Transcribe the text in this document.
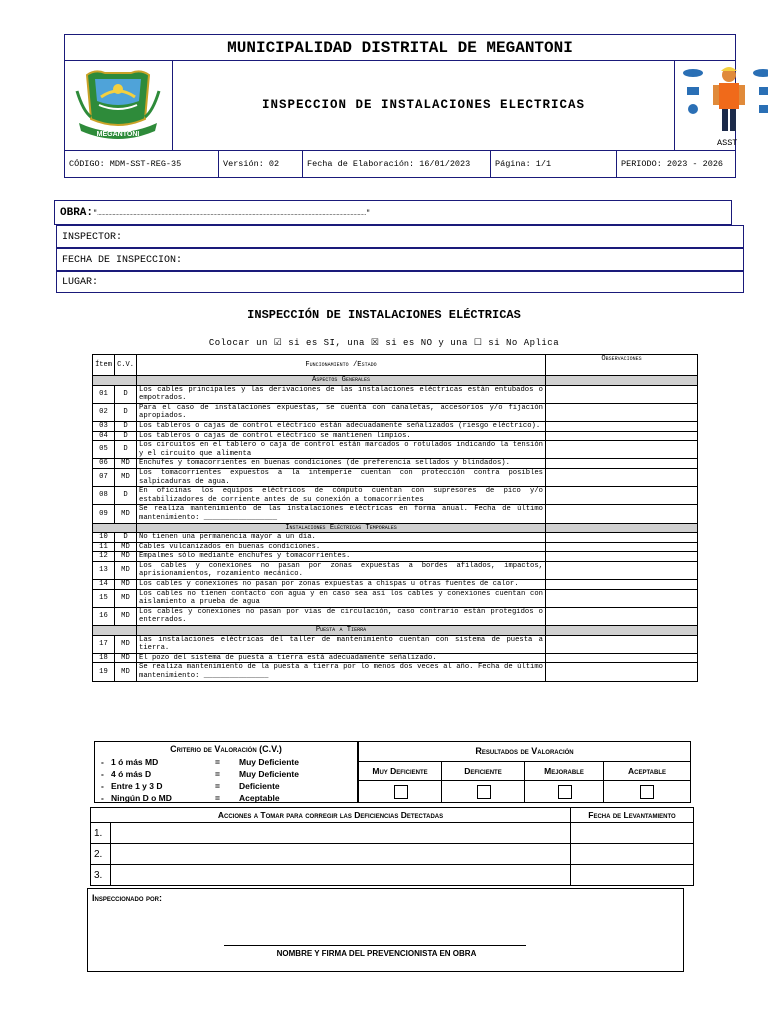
MUNICIPALIDAD DISTRITAL DE MEGANTONI
MEGANTONI
INSPECCION DE INSTALACIONES ELECTRICAS
ASST
CÓDIGO: MDM-SST-REG-35	Versión: 02	Fecha de Elaboración: 16/01/2023	Página: 1/1	PERIODO: 2023 - 2026
OBRA:"…………………………………………………………………………………………………………………………………………………………………………"
INSPECTOR:
FECHA DE INSPECCION:
LUGAR:
INSPECCIÓN DE INSTALACIONES ELÉCTRICAS
Colocar un ☑ si es SI, una ☒ si es NO y una ☐ si No Aplica
Ítem	C.V.	Funcionamiento /Estado	Observaciones
		Aspectos Generales	
01	D	Los cables principales y las derivaciones de las instalaciones eléctricas están entubados o empotrados.	
02	D	Para el caso de instalaciones expuestas, se cuenta con canaletas, accesorios y/o fijación apropiados.	
03	D	Los tableros o cajas de control eléctrico están adecuadamente señalizados (riesgo eléctrico).	
04	D	Los tableros o cajas de control eléctrico se mantienen limpios.	
05	D	Los circuitos en el tablero o caja de control están marcados o rotulados indicando la tensión y el circuito que alimenta	
06	MD	Enchufes y tomacorrientes en buenas condiciones (de preferencia sellados y blindados).	
07	MD	Los tomacorrientes expuestos a la intemperie cuentan con protección contra posibles salpicaduras de agua.	
08	D	En oficinas los equipos eléctricos de cómputo cuentan con supresores de pico y/o estabilizadores de corriente antes de su conexión a tomacorrientes	
09	MD	Se realiza mantenimiento de las instalaciones eléctricas en forma anual. Fecha de último mantenimiento: _________________	
		Instalaciones Eléctricas Temporales	
10	D	No tienen una permanencia mayor a un día.	
11	MD	Cables vulcanizados en buenas condiciones.	
12	MD	Empalmes sólo mediante enchufes y tomacorrientes.	
13	MD	Los cables y conexiones no pasan por zonas expuestas a bordes afilados, impactos, aprisionamientos, rozamiento mecánico.	
14	MD	Los cables y conexiones no pasan por zonas expuestas a chispas u otras fuentes de calor.	
15	MD	Los cables no tienen contacto con agua y en caso sea así los cables y conexiones cuentan con aislamiento a prueba de agua	
16	MD	Los cables y conexiones no pasan por vías de circulación, caso contrario están protegidos o enterrados.	
		Puesta a Tierra	
17	MD	Las instalaciones eléctricas del taller de mantenimiento cuentan con sistema de puesta a tierra.	
18	MD	El pozo del sistema de puesta a tierra está adecuadamente señalizado.	
19	MD	Se realiza mantenimiento de la puesta a tierra por lo menos dos veces al año. Fecha de último mantenimiento: _______________	
Criterio de Valoración (C.V.)
- 1 ó más MD	= Muy Deficiente
- 4 ó más D	= Muy Deficiente
- Entre 1 y 3 D	= Deficiente
- Ningún D o MD	= Aceptable
Resultados de Valoración
Muy Deficiente	Deficiente	Mejorable	Aceptable
Acciones a Tomar para corregir las Deficiencias Detectadas	Fecha de Levantamiento
1.
2.
3.
Inspeccionado por:
NOMBRE Y FIRMA DEL PREVENCIONISTA EN OBRA
